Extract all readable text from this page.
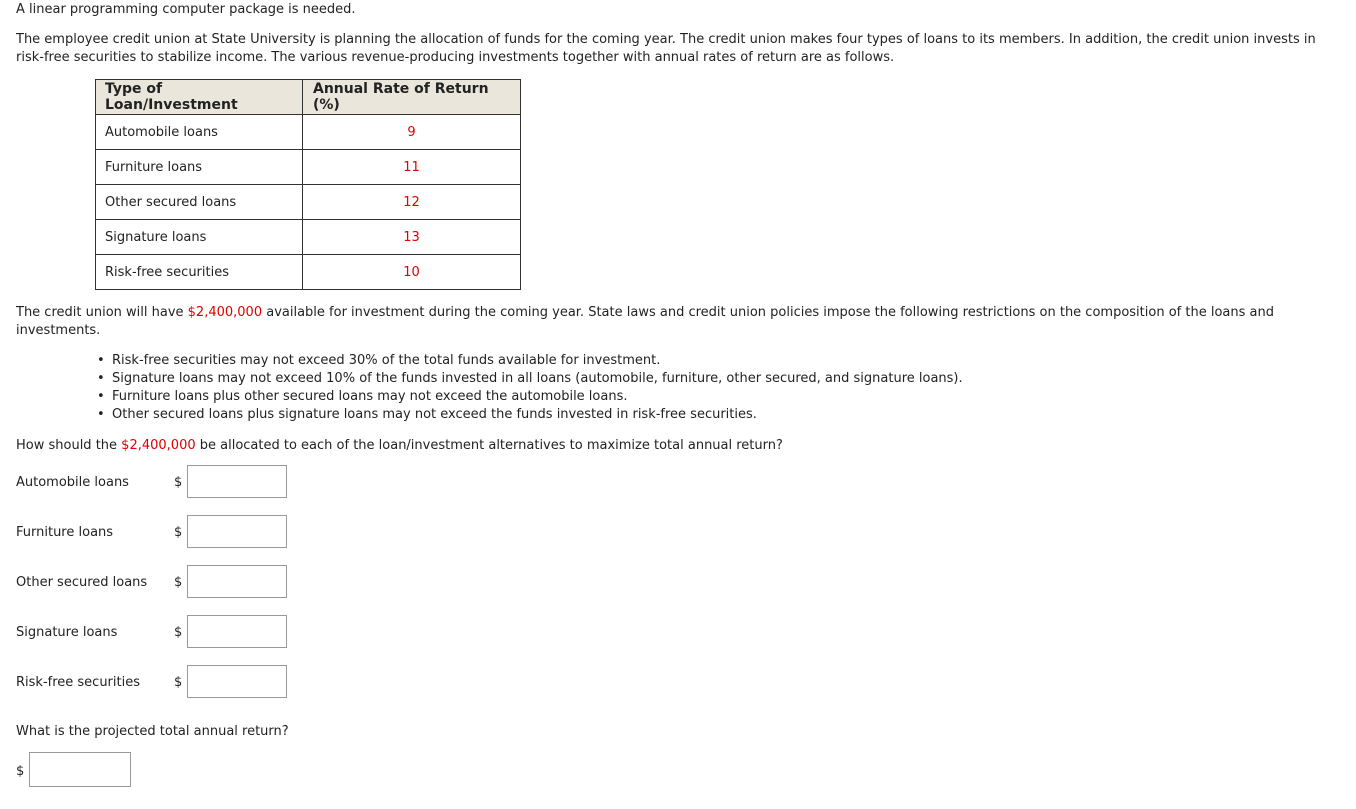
A linear programming computer package is needed.

The employee credit union at State University is planning the allocation of funds for the coming year. The credit union makes four types of loans to its members. In addition, the credit union invests in risk-free securities to stabilize income. The various revenue-producing investments together with annual rates of return are as follows.

Type of Loan/Investment	Annual Rate of Return (%)
Automobile loans	9
Furniture loans	11
Other secured loans	12
Signature loans	13
Risk-free securities	10

The credit union will have $2,400,000 available for investment during the coming year. State laws and credit union policies impose the following restrictions on the composition of the loans and investments.

• Risk-free securities may not exceed 30% of the total funds available for investment.
• Signature loans may not exceed 10% of the funds invested in all loans (automobile, furniture, other secured, and signature loans).
• Furniture loans plus other secured loans may not exceed the automobile loans.
• Other secured loans plus signature loans may not exceed the funds invested in risk-free securities.

How should the $2,400,000 be allocated to each of the loan/investment alternatives to maximize total annual return?

Automobile loans	$
Furniture loans	$
Other secured loans $
Signature loans	$
Risk-free securities	$

What is the projected total annual return?

$
